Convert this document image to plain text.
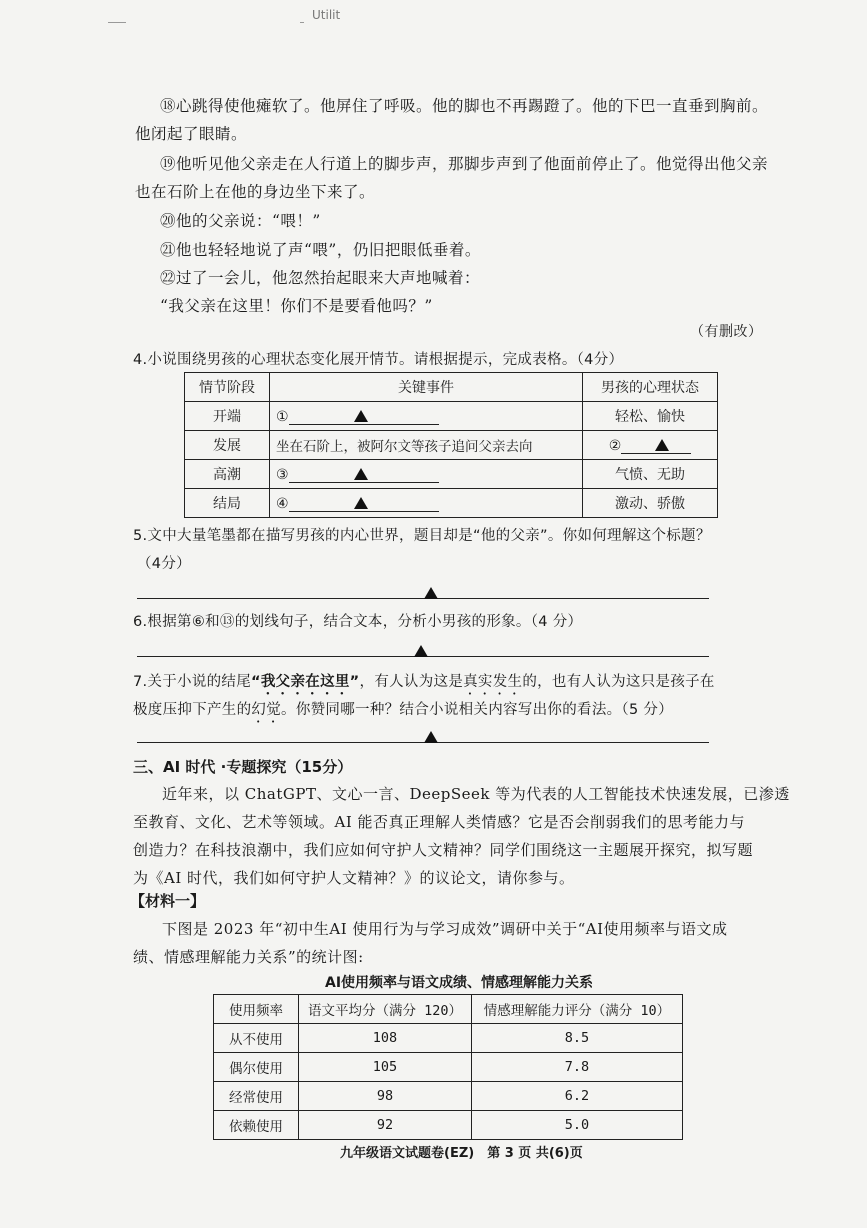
Utilit
⑱心跳得使他瘫软了。他屏住了呼吸。他的脚也不再踢蹬了。他的下巴一直垂到胸前。
他闭起了眼睛。
⑲他听见他父亲走在人行道上的脚步声，那脚步声到了他面前停止了。他觉得出他父亲
也在石阶上在他的身边坐下来了。
⑳他的父亲说：“喂！”
㉑他也轻轻地说了声“喂”，仍旧把眼低垂着。
㉒过了一会儿，他忽然抬起眼来大声地喊着：
“我父亲在这里！你们不是要看他吗？”
（有删改）
4.小说围绕男孩的心理状态变化展开情节。请根据提示，完成表格。（4分）
情节阶段	关键事件	男孩的心理状态
开端	①	轻松、愉快
发展	坐在石阶上，被阿尔文等孩子追问父亲去向	②

高潮	③	气愤、无助
结局	④	激动、骄傲
5.文中大量笔墨都在描写男孩的内心世界，题目却是“他的父亲”。你如何理解这个标题？
（4分）
6.根据第⑥和⑬的划线句子，结合文本，分析小男孩的形象。（4 分）
7.关于小说的结尾“我父亲在这里”，有人认为这是真实发生的，也有人认为这只是孩子在
极度压抑下产生的幻觉。你赞同哪一种？结合小说相关内容写出你的看法。（5 分）
三、AI 时代 ·专题探究（15分）
近年来，以 ChatGPT、文心一言、DeepSeek 等为代表的人工智能技术快速发展，已渗透
至教育、文化、艺术等领域。AI 能否真正理解人类情感？它是否会削弱我们的思考能力与
创造力？在科技浪潮中，我们应如何守护人文精神？同学们围绕这一主题展开探究，拟写题
为《AI 时代，我们如何守护人文精神？》的议论文，请你参与。
【材料一】
下图是 2023 年“初中生AI 使用行为与学习成效”调研中关于“AI使用频率与语文成
绩、情感理解能力关系”的统计图:
AI使用频率与语文成绩、情感理解能力关系
使用频率	语文平均分（满分 120）	情感理解能力评分（满分 10）
从不使用	108	8.5
偶尔使用	105	7.8
经常使用	98	6.2
依赖使用	92	5.0
九年级语文试题卷(EZ)　第 3 页 共(6)页
